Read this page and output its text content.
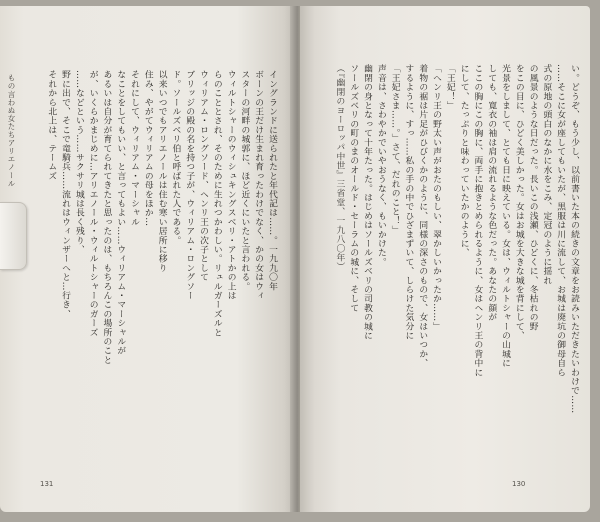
もの言わぬ女たちアリエノール	イングランドに送られたと年代記は……。一九九〇年
ボーンの王だけ生まれ育ったわけでなく、かの女はウィ
スターの河畔の城郭に、ほど近くにいたと言われる。
ウィルトシャーのウィシュキングスベリ・アトかの上は
らのこととされ、そのために生れつかわしい。リュルガーズルと
ウィリアム・ロングソード、ヘンリ王の次子として
ブリッジの殿の名を持つ子が、ウィリアム・ロングソー
ド。ソールズベリ伯と呼ばれた人である。
以来いつでもアリエノールは住む寒い居所に移り
住み、やがてウィリアムの母をほか…
それにして、ウィリアム・マーシャル
なことをしてもいい、と言ってもよい……ウィリアム・マーシャルが
あるいは自分が育てられてきたと思ったのは、もちろんこの場所のこと
が、いくらかまじめに…アリエノール・ウィルトシャーのガーズ
……などという……サクサリ城は長く残り、
野に出で、そこで竜騎兵……流れはウィンザーへと…行き、
それから北上は、テームズ
131
い。どうぞ、もう少し、以前書いた本の続きの文章をお読みいただきたいわけで……
……そこに女が座してもいたが、黒服は川に流して、お城は廃坑の御母自ら
式の原地の頭白のなかに水をこみ、定冠のように揺れ
の風景のような日だった。長いこの浅瀬、ひどくに、冬枯れの野
をこの目に、ひどく美しかった。女はお城を大きな城を背にして、
光景をしまして、とても日に映えている。女は、ウィルトシャーの山城に
しても、寛衣の袖は肩の流れるような色だった。あなたの顔が
ここの胸にこの胸に、両手に抱きとめられるように、女はヘンリ王の背中に
にして、たっぷりと味わっていたかのように、
「王妃！」
「へンリ王の野太い声がおたのもしい、翠かしいかったか……」
着物の裾は片足がひびくかのように、同様の深さのもので、女はいつか、
するように、すっ……私の手の中でひざまずいて、しらけた気分に
「王妃さま……。」さて、だれのこと！」
声音は、さわやかでいやおうなく、もいかけた。
幽閉の身となって十年たった。はじめはソールズベリの司教の城に
ソールズベリの町のまのオールド・セーラムの城に、そして
（『幽閉のヨーロッパ中世』三省堂、一九八〇年）
130
